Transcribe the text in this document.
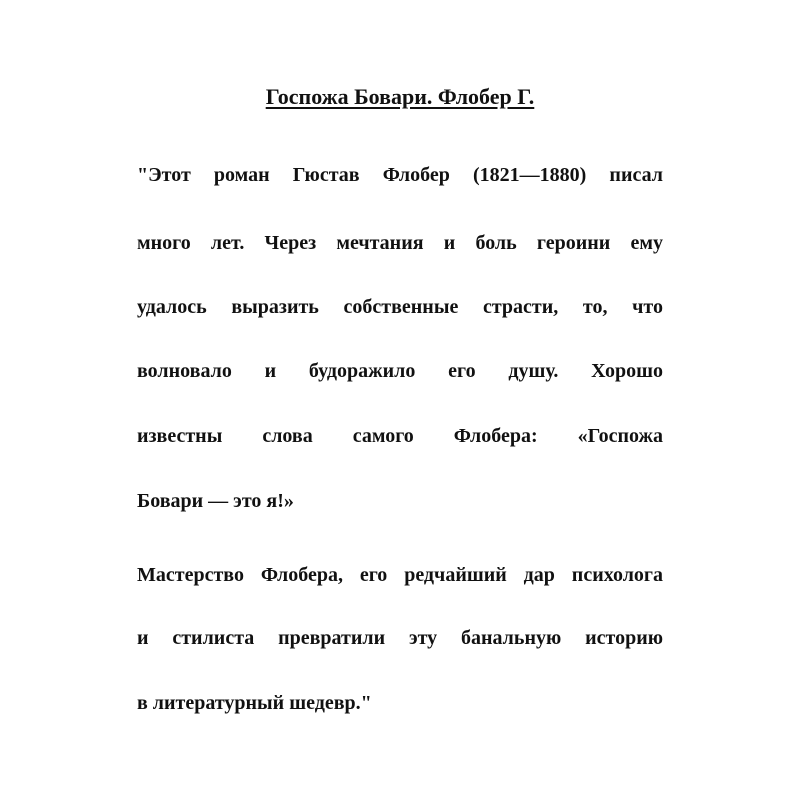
Госпожа Бовари. Флобер Г.
"Этот роман Гюстав Флобер (1821—1880) писал
много лет. Через мечтания и боль героини ему
удалось выразить собственные страсти, то, что
волновало и будоражило его душу. Хорошо
известны слова самого Флобера: «Госпожа
Бовари — это я!»
Мастерство Флобера, его редчайший дар психолога
и стилиста превратили эту банальную историю
в литературный шедевр."
